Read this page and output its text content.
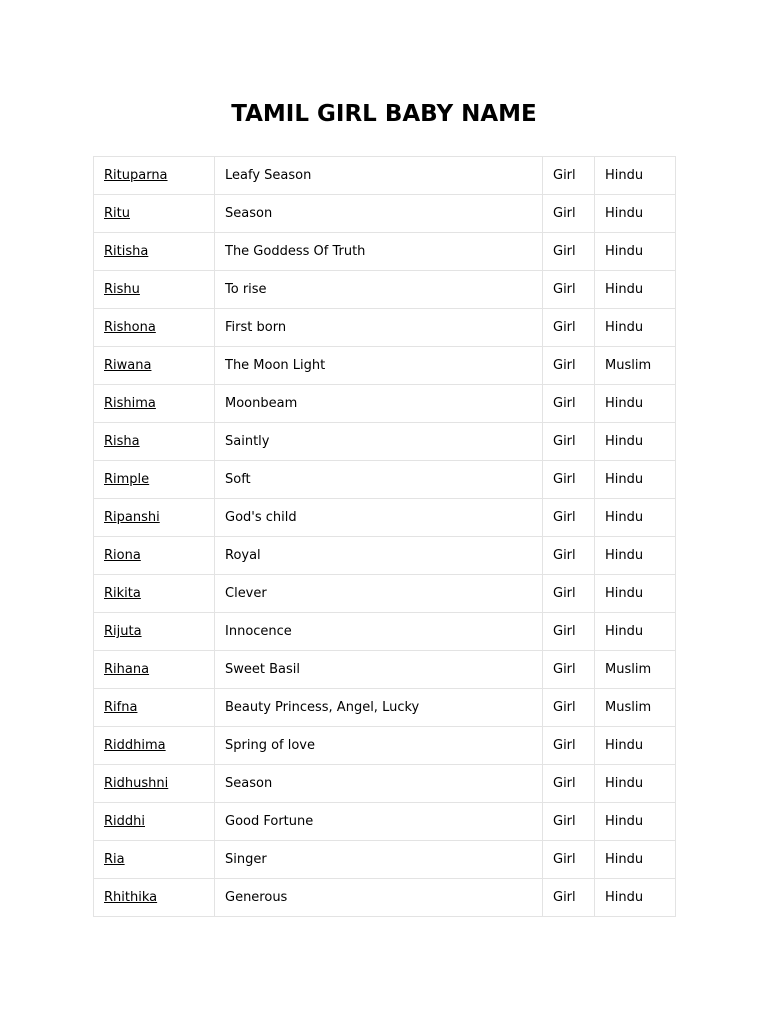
TAMIL GIRL BABY NAME
Rituparna	Leafy Season	Girl	Hindu
Ritu	Season	Girl	Hindu
Ritisha	The Goddess Of Truth	Girl	Hindu
Rishu	To rise	Girl	Hindu
Rishona	First born	Girl	Hindu
Riwana	The Moon Light	Girl	Muslim
Rishima	Moonbeam	Girl	Hindu
Risha	Saintly	Girl	Hindu
Rimple	Soft	Girl	Hindu
Ripanshi	God's child	Girl	Hindu
Riona	Royal	Girl	Hindu
Rikita	Clever	Girl	Hindu
Rijuta	Innocence	Girl	Hindu
Rihana	Sweet Basil	Girl	Muslim
Rifna	Beauty Princess, Angel, Lucky	Girl	Muslim
Riddhima	Spring of love	Girl	Hindu
Ridhushni	Season	Girl	Hindu
Riddhi	Good Fortune	Girl	Hindu
Ria	Singer	Girl	Hindu
Rhithika	Generous	Girl	Hindu
